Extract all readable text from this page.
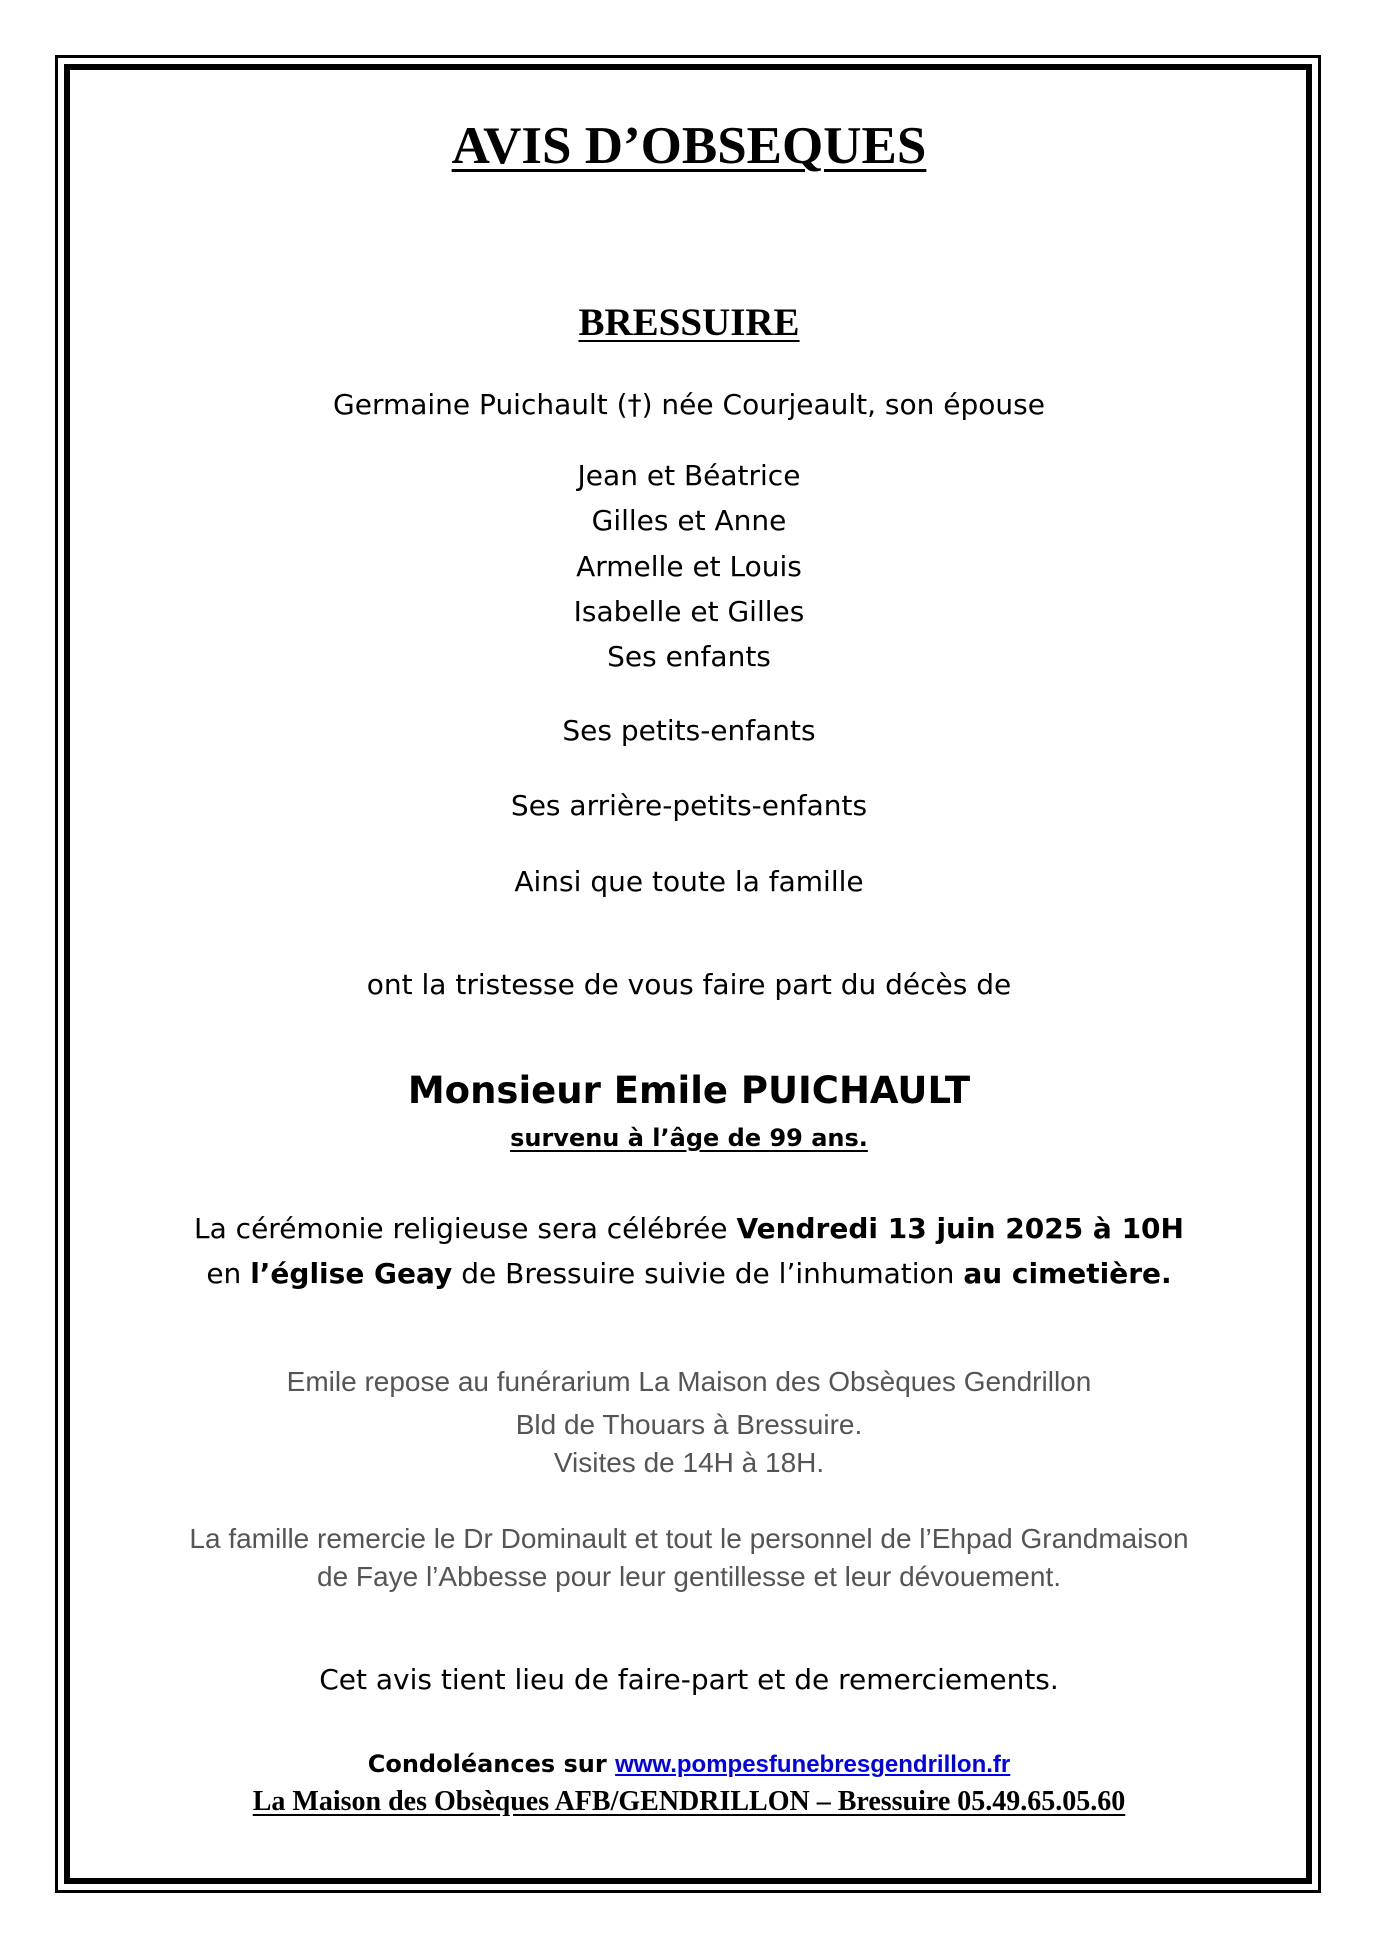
AVIS D’OBSEQUES
BRESSUIRE
Germaine Puichault (†) née Courjeault, son épouse
Jean et Béatrice
Gilles et Anne
Armelle et Louis
Isabelle et Gilles
Ses enfants
Ses petits-enfants
Ses arrière-petits-enfants
Ainsi que toute la famille
ont la tristesse de vous faire part du décès de
Monsieur Emile PUICHAULT
survenu à l’âge de 99 ans.
La cérémonie religieuse sera célébrée Vendredi 13 juin 2025 à 10H
en l’église Geay de Bressuire suivie de l’inhumation au cimetière.
Emile repose au funérarium La Maison des Obsèques Gendrillon
Bld de Thouars à Bressuire.
Visites de 14H à 18H.
La famille remercie le Dr Dominault et tout le personnel de l’Ehpad Grandmaison
de Faye l’Abbesse pour leur gentillesse et leur dévouement.
Cet avis tient lieu de faire-part et de remerciements.
Condoléances sur www.pompesfunebresgendrillon.fr
La Maison des Obsèques AFB/GENDRILLON – Bressuire 05.49.65.05.60
